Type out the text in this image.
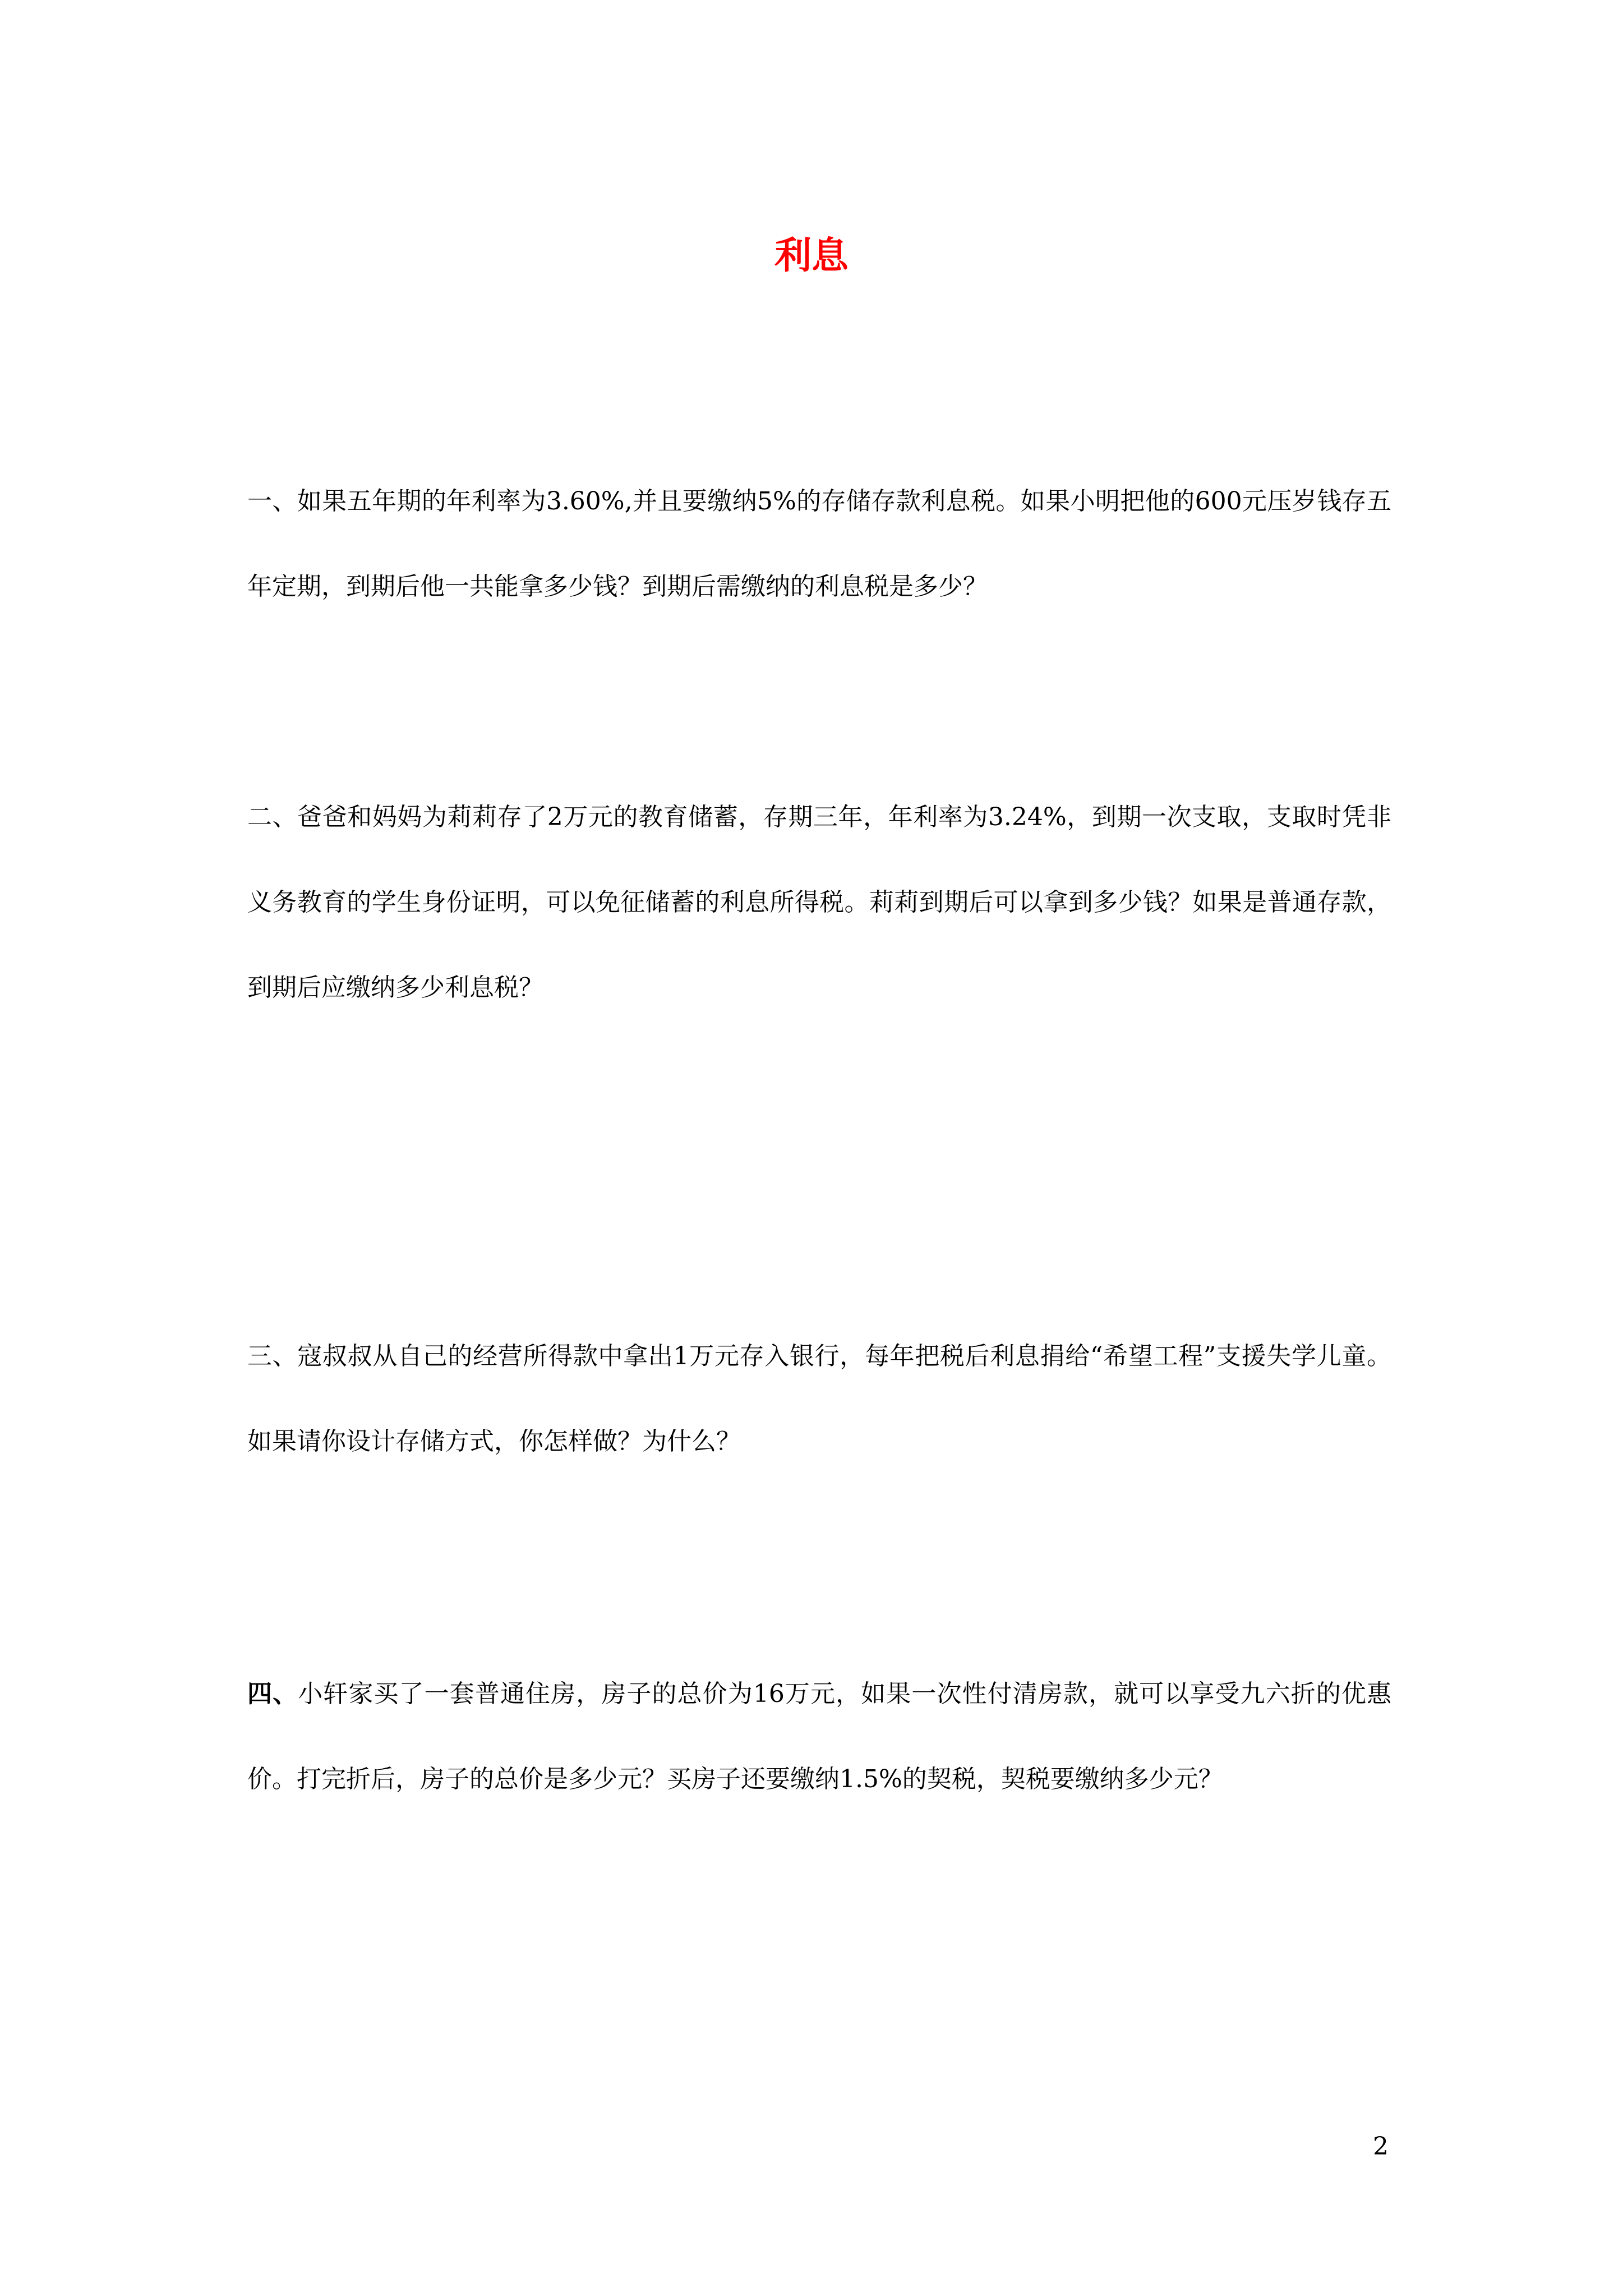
利息

一、如果五年期的年利率为3.60%,并且要缴纳5%的存储存款利息税。如果小明把他的600元压岁钱存五年定期，到期后他一共能拿多少钱？到期后需缴纳的利息税是多少？

二、爸爸和妈妈为莉莉存了2万元的教育储蓄，存期三年，年利率为3.24%，到期一次支取，支取时凭非义务教育的学生身份证明，可以免征储蓄的利息所得税。莉莉到期后可以拿到多少钱？如果是普通存款，到期后应缴纳多少利息税？

三、寇叔叔从自己的经营所得款中拿出1万元存入银行，每年把税后利息捐给“希望工程”支援失学儿童。如果请你设计存储方式，你怎样做？为什么？

四、小轩家买了一套普通住房，房子的总价为16万元，如果一次性付清房款，就可以享受九六折的优惠价。打完折后，房子的总价是多少元？买房子还要缴纳1.5%的契税，契税要缴纳多少元？

2
